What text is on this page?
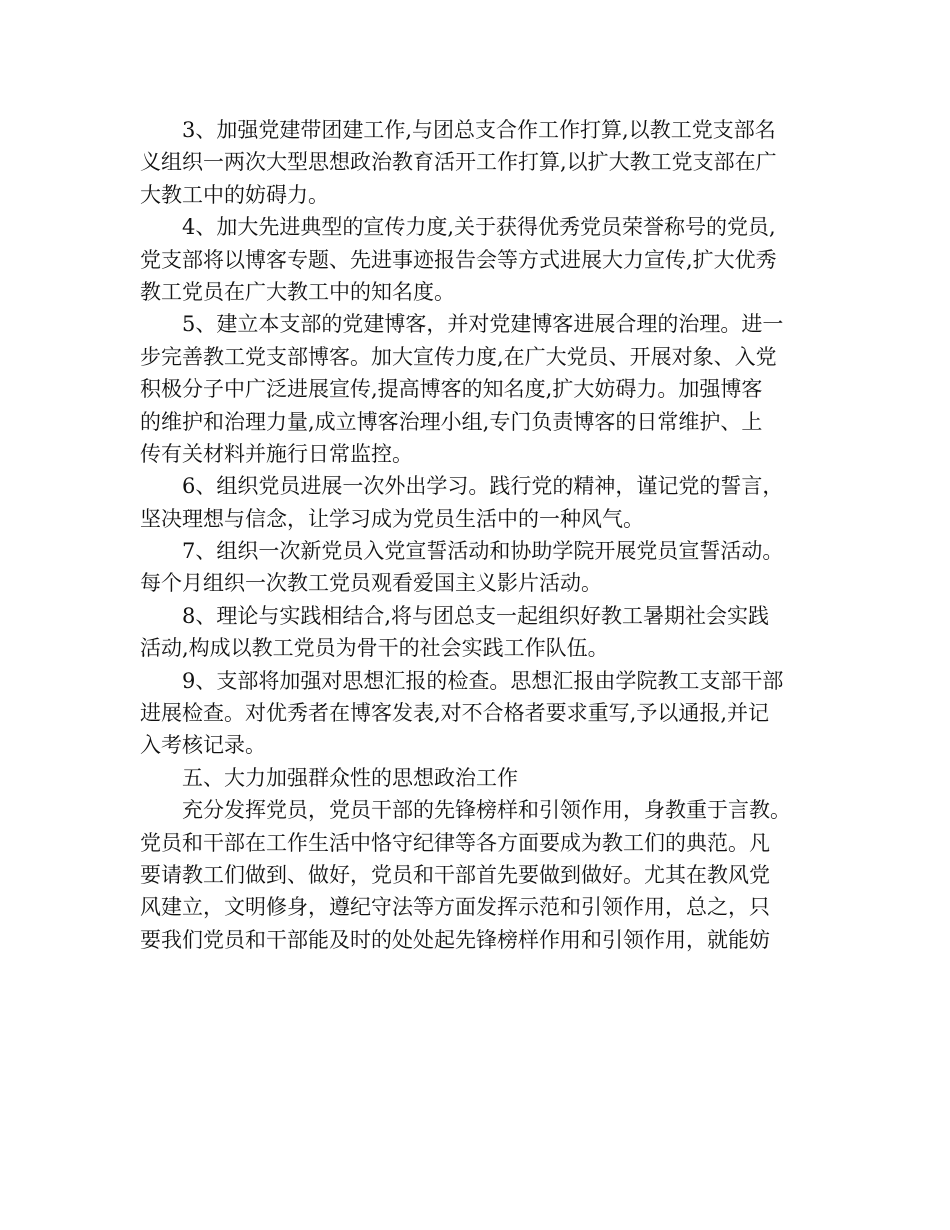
3、加强党建带团建工作,与团总支合作工作打算,以教工党支部名
义组织一两次大型思想政治教育活开工作打算,以扩大教工党支部在广
大教工中的妨碍力。
4、加大先进典型的宣传力度,关于获得优秀党员荣誉称号的党员,
党支部将以博客专题、先进事迹报告会等方式进展大力宣传,扩大优秀
教工党员在广大教工中的知名度。
5、建立本支部的党建博客，并对党建博客进展合理的治理。进一
步完善教工党支部博客。加大宣传力度,在广大党员、开展对象、入党
积极分子中广泛进展宣传,提高博客的知名度,扩大妨碍力。加强博客
的维护和治理力量,成立博客治理小组,专门负责博客的日常维护、上
传有关材料并施行日常监控。
6、组织党员进展一次外出学习。践行党的精神，谨记党的誓言，
坚决理想与信念，让学习成为党员生活中的一种风气。
7、组织一次新党员入党宣誓活动和协助学院开展党员宣誓活动。
每个月组织一次教工党员观看爱国主义影片活动。
8、理论与实践相结合,将与团总支一起组织好教工暑期社会实践
活动,构成以教工党员为骨干的社会实践工作队伍。
9、支部将加强对思想汇报的检查。思想汇报由学院教工支部干部
进展检查。对优秀者在博客发表,对不合格者要求重写,予以通报,并记
入考核记录。
五、大力加强群众性的思想政治工作
充分发挥党员，党员干部的先锋榜样和引领作用，身教重于言教。
党员和干部在工作生活中恪守纪律等各方面要成为教工们的典范。凡
要请教工们做到、做好，党员和干部首先要做到做好。尤其在教风党
风建立，文明修身，遵纪守法等方面发挥示范和引领作用，总之，只
要我们党员和干部能及时的处处起先锋榜样作用和引领作用，就能妨
